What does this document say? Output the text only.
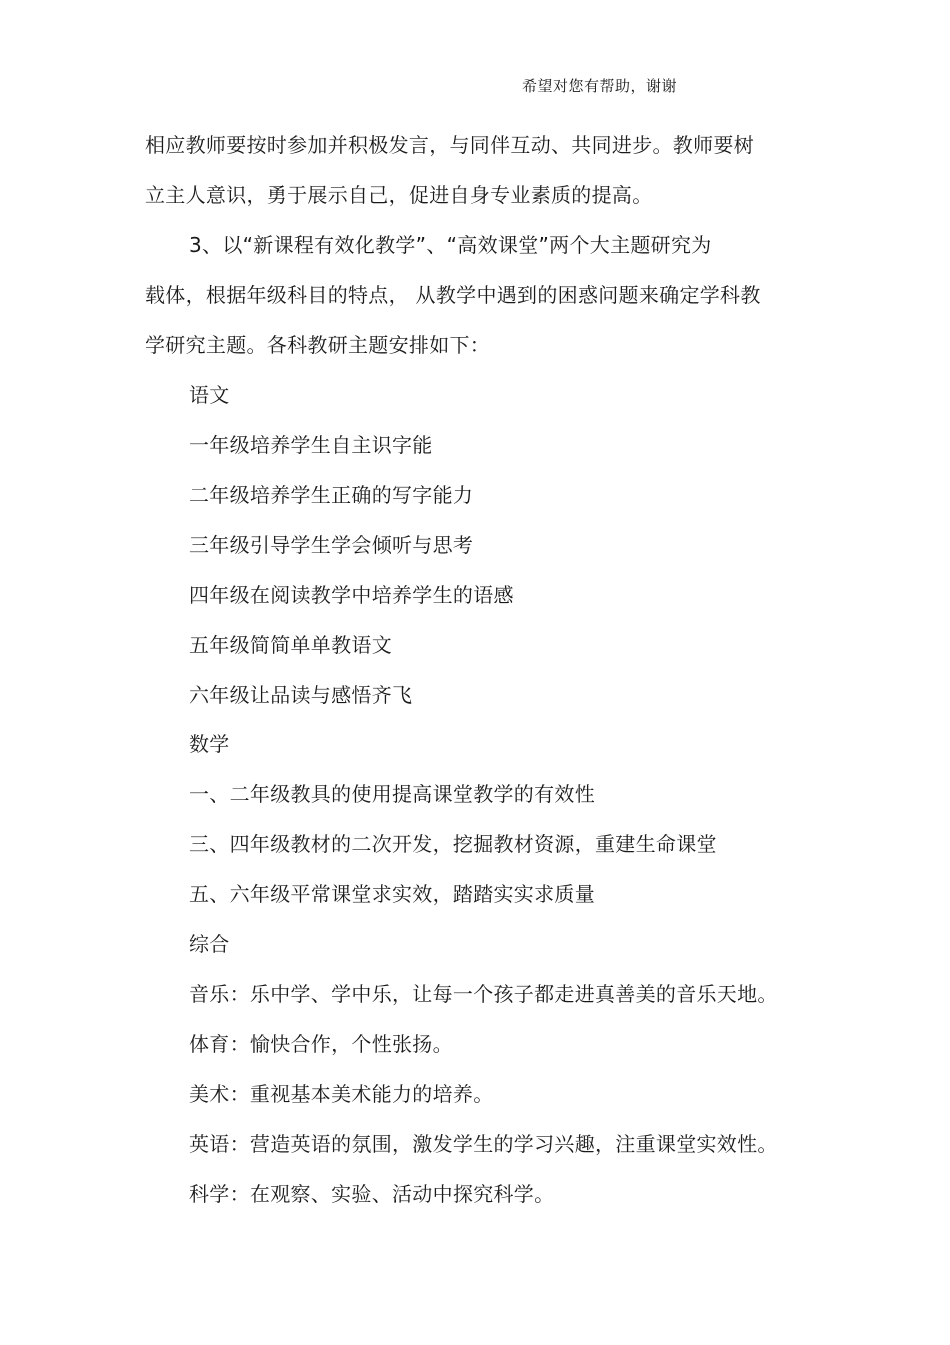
希望对您有帮助，谢谢
相应教师要按时参加并积极发言，与同伴互动、共同进步。教师要树
立主人意识，勇于展示自己，促进自身专业素质的提高。
3、以“新课程有效化教学”、“高效课堂”两个大主题研究为
载体，根据年级科目的特点， 从教学中遇到的困惑问题来确定学科教
学研究主题。各科教研主题安排如下：
语文
一年级培养学生自主识字能
二年级培养学生正确的写字能力
三年级引导学生学会倾听与思考
四年级在阅读教学中培养学生的语感
五年级简简单单教语文
六年级让品读与感悟齐飞
数学
一、二年级教具的使用提高课堂教学的有效性
三、四年级教材的二次开发，挖掘教材资源，重建生命课堂
五、六年级平常课堂求实效，踏踏实实求质量
综合
音乐：乐中学、学中乐，让每一个孩子都走进真善美的音乐天地。
体育：愉快合作，个性张扬。
美术：重视基本美术能力的培养。
英语：营造英语的氛围，激发学生的学习兴趣，注重课堂实效性。
科学：在观察、实验、活动中探究科学。
